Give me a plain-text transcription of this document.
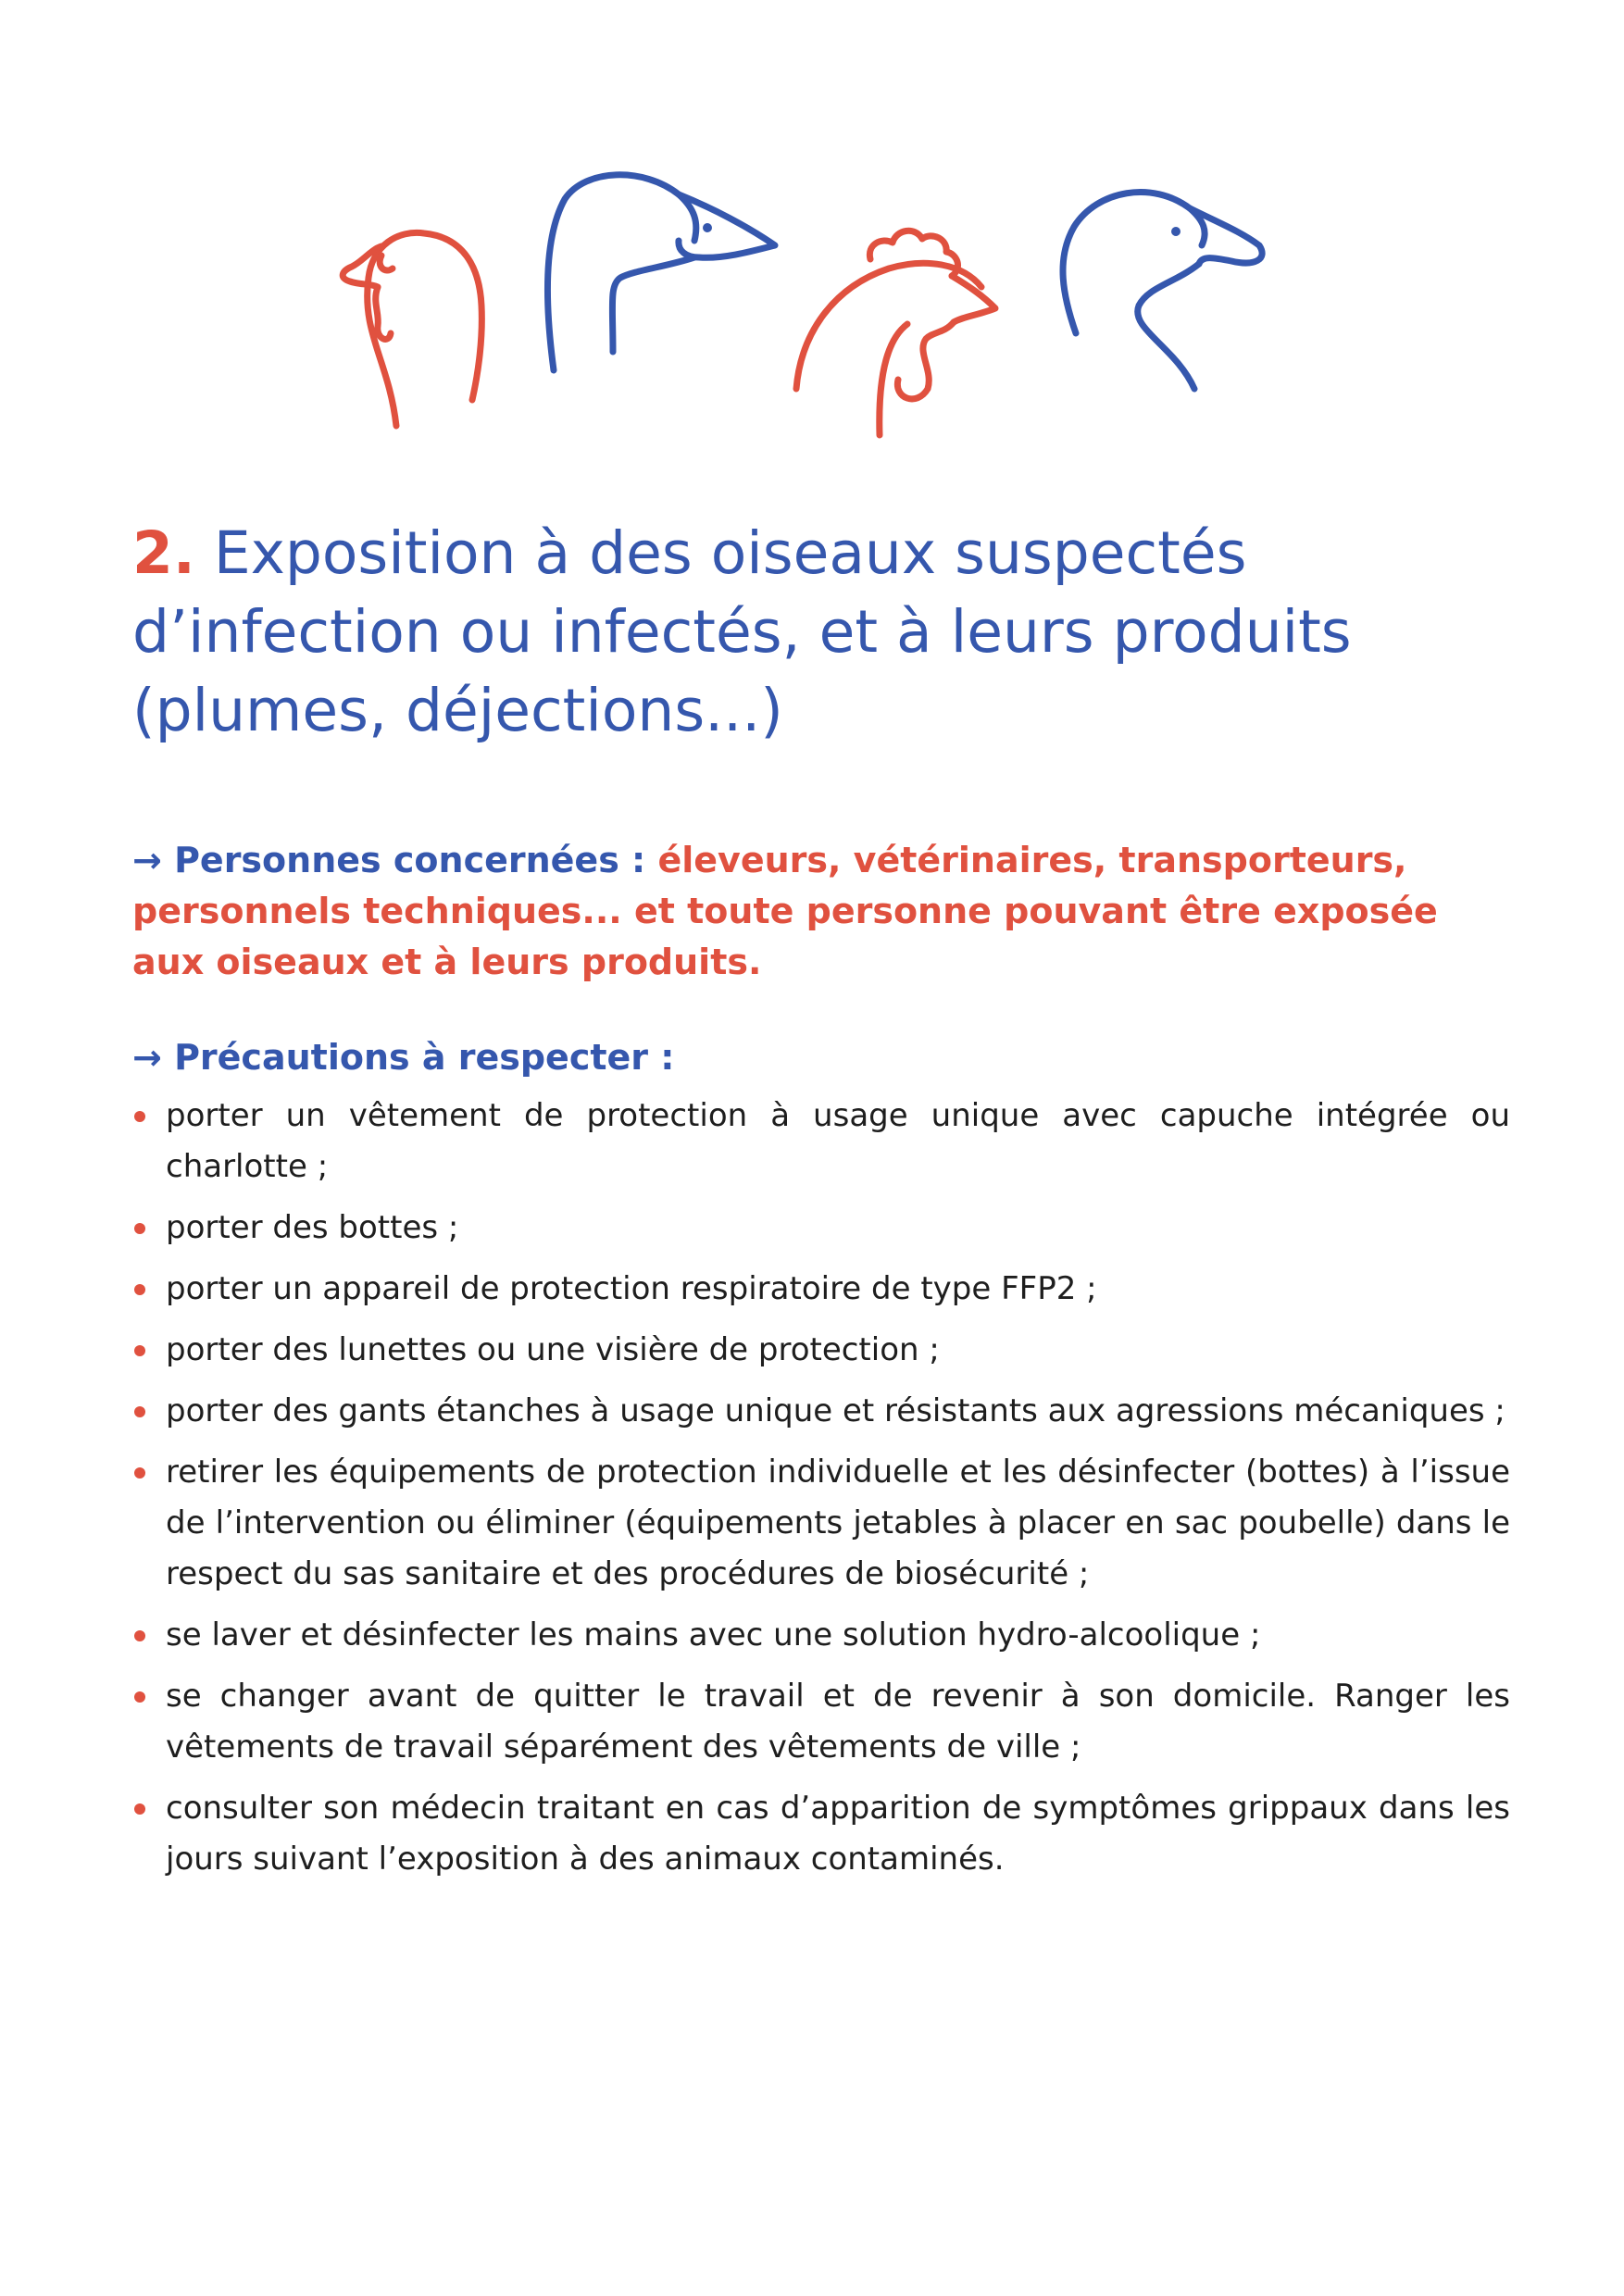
2. Exposition à des oiseaux suspectés d’infection ou infectés, et à leurs produits (plumes, déjections...)

→ Personnes concernées : éleveurs, vétérinaires, transporteurs, personnels techniques... et toute personne pouvant être exposée aux oiseaux et à leurs produits.

→ Précautions à respecter :
porter un vêtement de protection à usage unique avec capuche intégrée ou charlotte ;
porter des bottes ;
porter un appareil de protection respiratoire de type FFP2 ;
porter des lunettes ou une visière de protection ;
porter des gants étanches à usage unique et résistants aux agressions mécaniques ;
retirer les équipements de protection individuelle et les désinfecter (bottes) à l’issue de l’intervention ou éliminer (équipements jetables à placer en sac poubelle) dans le respect du sas sanitaire et des procédures de biosécurité ;
se laver et désinfecter les mains avec une solution hydro-alcoolique ;
se changer avant de quitter le travail et de revenir à son domicile. Ranger les vêtements de travail séparément des vêtements de ville ;
consulter son médecin traitant en cas d’apparition de symptômes grippaux dans les jours suivant l’exposition à des animaux contaminés.
